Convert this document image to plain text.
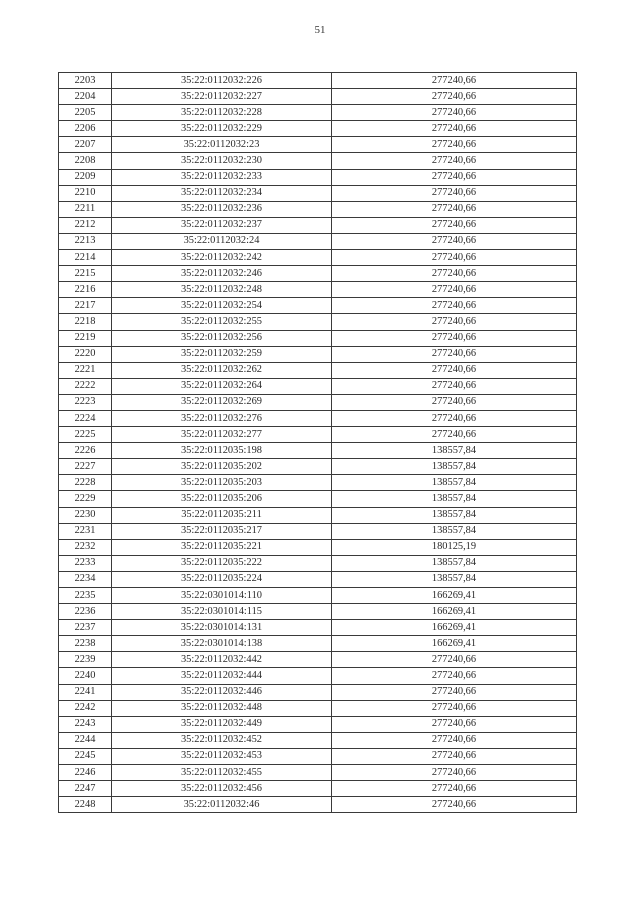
51
2203	35:22:0112032:226	277240,66
2204	35:22:0112032:227	277240,66
2205	35:22:0112032:228	277240,66
2206	35:22:0112032:229	277240,66
2207	35:22:0112032:23	277240,66
2208	35:22:0112032:230	277240,66
2209	35:22:0112032:233	277240,66
2210	35:22:0112032:234	277240,66
2211	35:22:0112032:236	277240,66
2212	35:22:0112032:237	277240,66
2213	35:22:0112032:24	277240,66
2214	35:22:0112032:242	277240,66
2215	35:22:0112032:246	277240,66
2216	35:22:0112032:248	277240,66
2217	35:22:0112032:254	277240,66
2218	35:22:0112032:255	277240,66
2219	35:22:0112032:256	277240,66
2220	35:22:0112032:259	277240,66
2221	35:22:0112032:262	277240,66
2222	35:22:0112032:264	277240,66
2223	35:22:0112032:269	277240,66
2224	35:22:0112032:276	277240,66
2225	35:22:0112032:277	277240,66
2226	35:22:0112035:198	138557,84
2227	35:22:0112035:202	138557,84
2228	35:22:0112035:203	138557,84
2229	35:22:0112035:206	138557,84
2230	35:22:0112035:211	138557,84
2231	35:22:0112035:217	138557,84
2232	35:22:0112035:221	180125,19
2233	35:22:0112035:222	138557,84
2234	35:22:0112035:224	138557,84
2235	35:22:0301014:110	166269,41
2236	35:22:0301014:115	166269,41
2237	35:22:0301014:131	166269,41
2238	35:22:0301014:138	166269,41
2239	35:22:0112032:442	277240,66
2240	35:22:0112032:444	277240,66
2241	35:22:0112032:446	277240,66
2242	35:22:0112032:448	277240,66
2243	35:22:0112032:449	277240,66
2244	35:22:0112032:452	277240,66
2245	35:22:0112032:453	277240,66
2246	35:22:0112032:455	277240,66
2247	35:22:0112032:456	277240,66
2248	35:22:0112032:46	277240,66
